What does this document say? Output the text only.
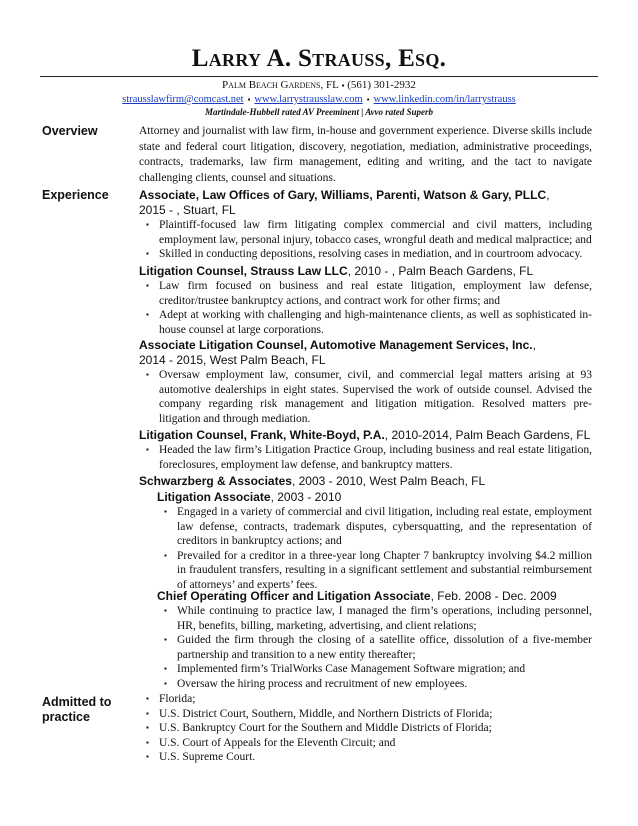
Larry A. Strauss, Esq.
Palm Beach Gardens, FL ▪ (561) 301-2932
strausslawfirm@comcast.net ▪ www.larrystrausslaw.com ▪ www.linkedin.com/in/larrystrauss
Martindale-Hubbell rated AV Preeminent | Avvo rated Superb
Overview	Attorney and journalist with law firm, in-house and government experience. Diverse skills include state and federal court litigation, discovery, negotiation, mediation, administrative proceedings, contracts, trademarks, law firm management, editing and writing, and the tact to navigate challenging clients, counsel and situations.
Experience	Associate, Law Offices of Gary, Williams, Parenti, Watson & Gary, PLLC,
2015 - , Stuart, FL
▪ Plaintiff-focused law firm litigating complex commercial and civil matters, including employment law, personal injury, tobacco cases, wrongful death and medical malpractice; and
▪ Skilled in conducting depositions, resolving cases in mediation, and in courtroom advocacy.
Litigation Counsel, Strauss Law LLC, 2010 - , Palm Beach Gardens, FL
▪ Law firm focused on business and real estate litigation, employment law defense, creditor/trustee bankruptcy actions, and contract work for other firms; and
▪ Adept at working with challenging and high-maintenance clients, as well as sophisticated in-house counsel at large corporations.
Associate Litigation Counsel, Automotive Management Services, Inc.,
2014 - 2015, West Palm Beach, FL
▪ Oversaw employment law, consumer, civil, and commercial legal matters arising at 93 automotive dealerships in eight states. Supervised the work of outside counsel. Advised the company regarding risk management and litigation mitigation. Resolved matters pre-litigation and through mediation.
Litigation Counsel, Frank, White-Boyd, P.A., 2010-2014, Palm Beach Gardens, FL
▪ Headed the law firm’s Litigation Practice Group, including business and real estate litigation, foreclosures, employment law defense, and bankruptcy matters.
Schwarzberg & Associates, 2003 - 2010, West Palm Beach, FL
Litigation Associate, 2003 - 2010
▪ Engaged in a variety of commercial and civil litigation, including real estate, employment law defense, contracts, trademark disputes, cybersquatting, and the representation of creditors in bankruptcy actions; and
▪ Prevailed for a creditor in a three-year long Chapter 7 bankruptcy involving $4.2 million in fraudulent transfers, resulting in a significant settlement and substantial reimbursement of attorneys’ and experts’ fees.
Chief Operating Officer and Litigation Associate, Feb. 2008 - Dec. 2009
▪ While continuing to practice law, I managed the firm’s operations, including personnel, HR, benefits, billing, marketing, advertising, and client relations;
▪ Guided the firm through the closing of a satellite office, dissolution of a five-member partnership and transition to a new entity thereafter;
▪ Implemented firm’s TrialWorks Case Management Software migration; and
▪ Oversaw the hiring process and recruitment of new employees.
Admitted to
practice
▪ Florida;
▪ U.S. District Court, Southern, Middle, and Northern Districts of Florida;
▪ U.S. Bankruptcy Court for the Southern and Middle Districts of Florida;
▪ U.S. Court of Appeals for the Eleventh Circuit; and
▪ U.S. Supreme Court.
